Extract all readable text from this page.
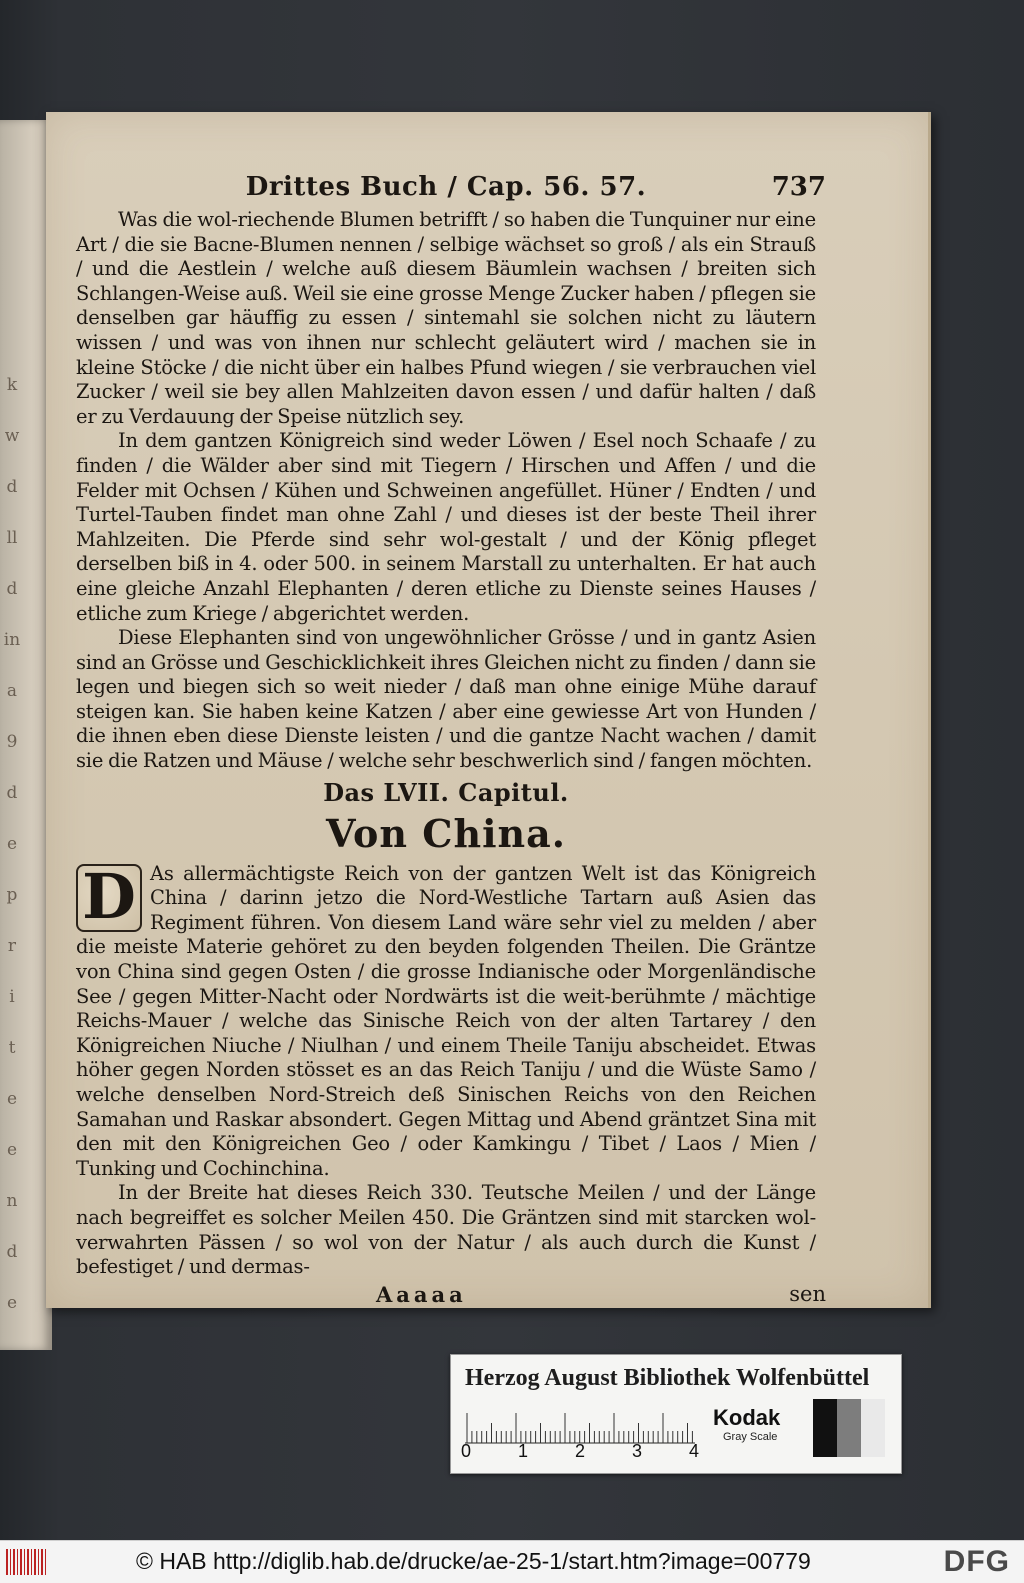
k
w
d
ll
d
in
a
9
d
e
p
r
i
t
e
e
n
d
e
Drittes Buch / Cap. 56. 57.	737

Was die wol-riechende Blumen betrifft / so haben die Tunquiner nur eine Art / die sie Bacne-Blumen nennen / selbige wächset so groß / als ein Strauß / und die Aestlein / welche auß diesem Bäumlein wachsen / breiten sich Schlangen-Weise auß. Weil sie eine grosse Menge Zucker haben / pflegen sie denselben gar häuffig zu essen / sintemahl sie solchen nicht zu läutern wissen / und was von ihnen nur schlecht geläutert wird / machen sie in kleine Stöcke / die nicht über ein halbes Pfund wiegen / sie verbrauchen viel Zucker / weil sie bey allen Mahlzeiten davon essen / und dafür halten / daß er zu Verdauung der Speise nützlich sey.

In dem gantzen Königreich sind weder Löwen / Esel noch Schaafe / zu finden / die Wälder aber sind mit Tiegern / Hirschen und Affen / und die Felder mit Ochsen / Kühen und Schweinen angefüllet. Hüner / Endten / und Turtel-Tauben findet man ohne Zahl / und dieses ist der beste Theil ihrer Mahlzeiten. Die Pferde sind sehr wol-gestalt / und der König pfleget derselben biß in 4. oder 500. in seinem Marstall zu unterhalten. Er hat auch eine gleiche Anzahl Elephanten / deren etliche zu Dienste seines Hauses / etliche zum Kriege / abgerichtet werden.

Diese Elephanten sind von ungewöhnlicher Grösse / und in gantz Asien sind an Grösse und Geschicklichkeit ihres Gleichen nicht zu finden / dann sie legen und biegen sich so weit nieder / daß man ohne einige Mühe darauf steigen kan. Sie haben keine Katzen / aber eine gewiesse Art von Hunden / die ihnen eben diese Dienste leisten / und die gantze Nacht wachen / damit sie die Ratzen und Mäuse / welche sehr beschwerlich sind / fangen möchten.

Das LVII. Capitul.
Von China.
D As allermächtigste Reich von der gantzen Welt ist das Königreich China / darinn jetzo die Nord-Westliche Tartarn auß Asien das Regiment führen. Von diesem Land wäre sehr viel zu melden / aber die meiste Materie gehöret zu den beyden folgenden Theilen. Die Gräntze von China sind gegen Osten / die grosse Indianische oder Morgenländische See / gegen Mitter-Nacht oder Nordwärts ist die weit-berühmte / mächtige Reichs-Mauer / welche das Sinische Reich von der alten Tartarey / den Königreichen Niuche / Niulhan / und einem Theile Taniju abscheidet. Etwas höher gegen Norden stösset es an das Reich Taniju / und die Wüste Samo / welche denselben Nord-Streich deß Sinischen Reichs von den Reichen Samahan und Raskar absondert. Gegen Mittag und Abend gräntzet Sina mit den mit den Königreichen Geo / oder Kamkingu / Tibet / Laos / Mien / Tunking und Cochinchina.

In der Breite hat dieses Reich 330. Teutsche Meilen / und der Länge nach begreiffet es solcher Meilen 450. Die Gräntzen sind mit starcken wol-verwahrten Pässen / so wol von der Natur / als auch durch die Kunst / befestiget / und dermas-

Aaaaa	sen
Herzog August Bibliothek Wolfenbüttel
0	1	2	3	4
Kodak
Gray Scale
© HAB http://diglib.hab.de/drucke/ae-25-1/start.htm?image=00779	DFG
